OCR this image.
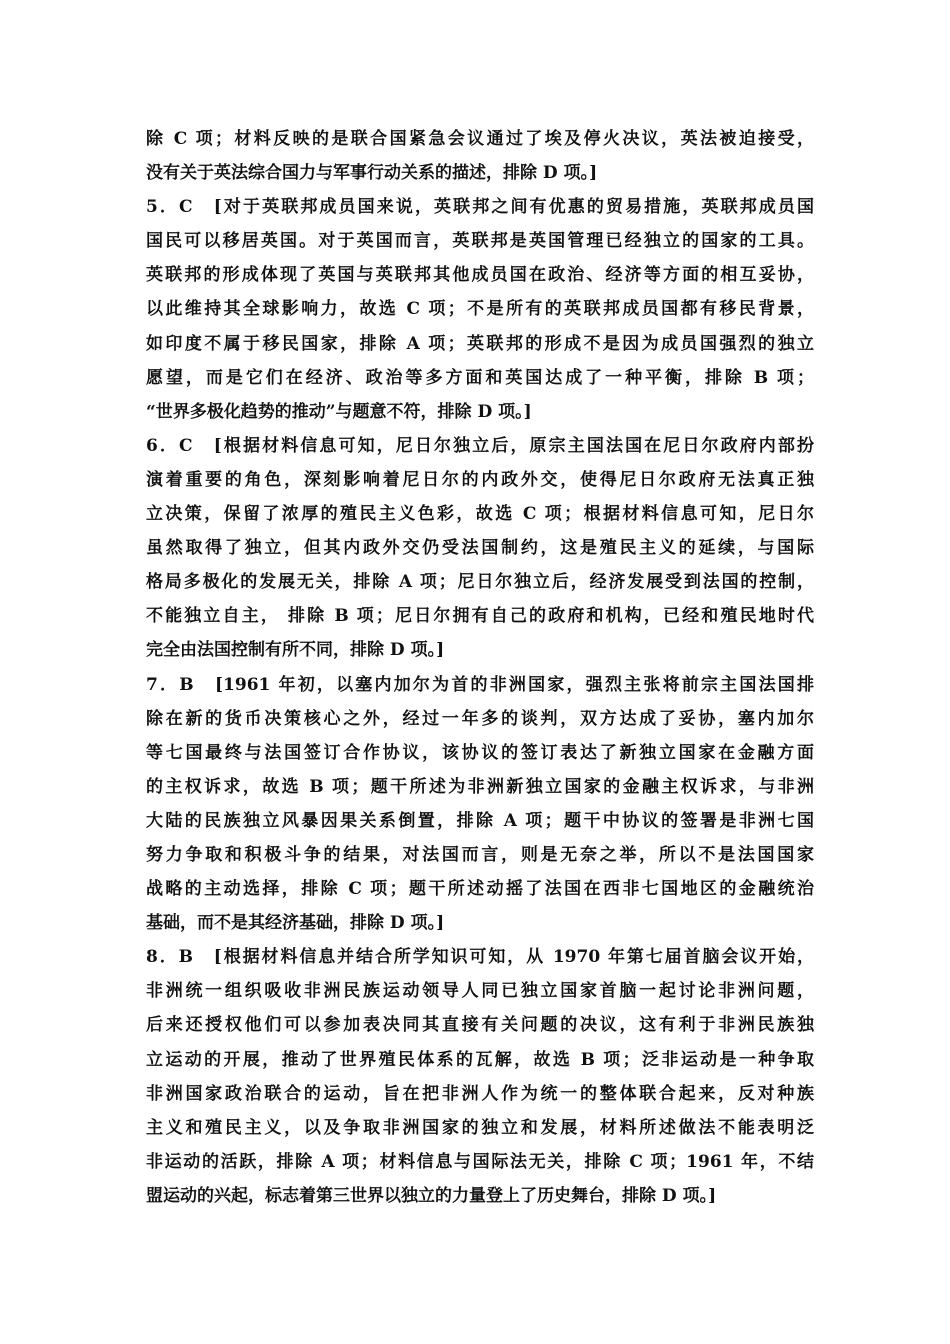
除 C 项；材料反映的是联合国紧急会议通过了埃及停火决议，英法被迫接受，
没有关于英法综合国力与军事行动关系的描述，排除 D 项。]
5．C　[对于英联邦成员国来说，英联邦之间有优惠的贸易措施，英联邦成员国
国民可以移居英国。对于英国而言，英联邦是英国管理已经独立的国家的工具。
英联邦的形成体现了英国与英联邦其他成员国在政治、经济等方面的相互妥协，
以此维持其全球影响力，故选 C 项；不是所有的英联邦成员国都有移民背景，
如印度不属于移民国家，排除 A 项；英联邦的形成不是因为成员国强烈的独立
愿望，而是它们在经济、政治等多方面和英国达成了一种平衡，排除 B 项；
“世界多极化趋势的推动”与题意不符，排除 D 项。]
6．C　[根据材料信息可知，尼日尔独立后，原宗主国法国在尼日尔政府内部扮
演着重要的角色，深刻影响着尼日尔的内政外交，使得尼日尔政府无法真正独
立决策，保留了浓厚的殖民主义色彩，故选 C 项；根据材料信息可知，尼日尔
虽然取得了独立，但其内政外交仍受法国制约，这是殖民主义的延续，与国际
格局多极化的发展无关，排除 A 项；尼日尔独立后，经济发展受到法国的控制，
不能独立自主， 排除 B 项；尼日尔拥有自己的政府和机构，已经和殖民地时代
完全由法国控制有所不同，排除 D 项。]
7．B　[1961 年初，以塞内加尔为首的非洲国家，强烈主张将前宗主国法国排
除在新的货币决策核心之外，经过一年多的谈判，双方达成了妥协，塞内加尔
等七国最终与法国签订合作协议，该协议的签订表达了新独立国家在金融方面
的主权诉求，故选 B 项；题干所述为非洲新独立国家的金融主权诉求，与非洲
大陆的民族独立风暴因果关系倒置，排除 A 项；题干中协议的签署是非洲七国
努力争取和积极斗争的结果，对法国而言，则是无奈之举，所以不是法国国家
战略的主动选择，排除 C 项；题干所述动摇了法国在西非七国地区的金融统治
基础，而不是其经济基础，排除 D 项。]
8．B　[根据材料信息并结合所学知识可知，从 1970 年第七届首脑会议开始，
非洲统一组织吸收非洲民族运动领导人同已独立国家首脑一起讨论非洲问题，
后来还授权他们可以参加表决同其直接有关问题的决议，这有利于非洲民族独
立运动的开展，推动了世界殖民体系的瓦解，故选 B 项；泛非运动是一种争取
非洲国家政治联合的运动，旨在把非洲人作为统一的整体联合起来，反对种族
主义和殖民主义，以及争取非洲国家的独立和发展，材料所述做法不能表明泛
非运动的活跃，排除 A 项；材料信息与国际法无关，排除 C 项；1961 年，不结
盟运动的兴起，标志着第三世界以独立的力量登上了历史舞台，排除 D 项。]
